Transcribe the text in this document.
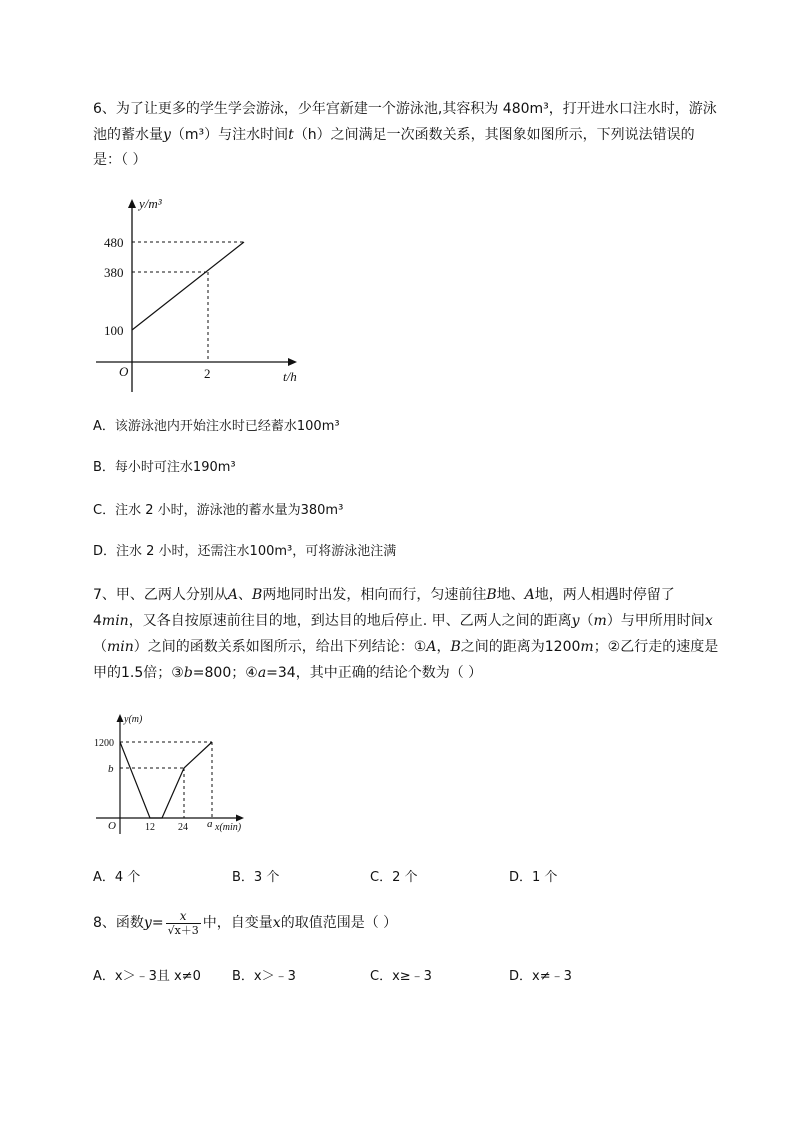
6、为了让更多的学生学会游泳，少年宫新建一个游泳池,其容积为 480m³，打开进水口注水时，游泳
池的蓄水量y（m³）与注水时间t（h）之间满足一次函数关系，其图象如图所示，下列说法错误的
是：（ ）
y/m³
t/h
O
480
380
100
2
A．该游泳池内开始注水时已经蓄水100m³
B．每小时可注水190m³
C．注水 2 小时，游泳池的蓄水量为380m³
D．注水 2 小时，还需注水100m³，可将游泳池注满
7、甲、乙两人分别从A、B两地同时出发，相向而行，匀速前往B地、A地，两人相遇时停留了
4min，又各自按原速前往目的地，到达目的地后停止. 甲、乙两人之间的距离y（m）与甲所用时间x
（min）之间的函数关系如图所示，给出下列结论：①A，B之间的距离为1200m；②乙行走的速度是
甲的1.5倍；③b=800；④a=34，其中正确的结论个数为（ ）
y(m)
x(min)
O
1200
b
12 24 a
A．4 个	B．3 个	C．2 个	D．1 个
8、函数$y= \frac{x}{√x+3}$ 中，自变量x的取值范围是（ ）
A．x＞﹣3且 x≠0 B．x＞﹣3	C．x≥﹣3	D．x≠﹣3
